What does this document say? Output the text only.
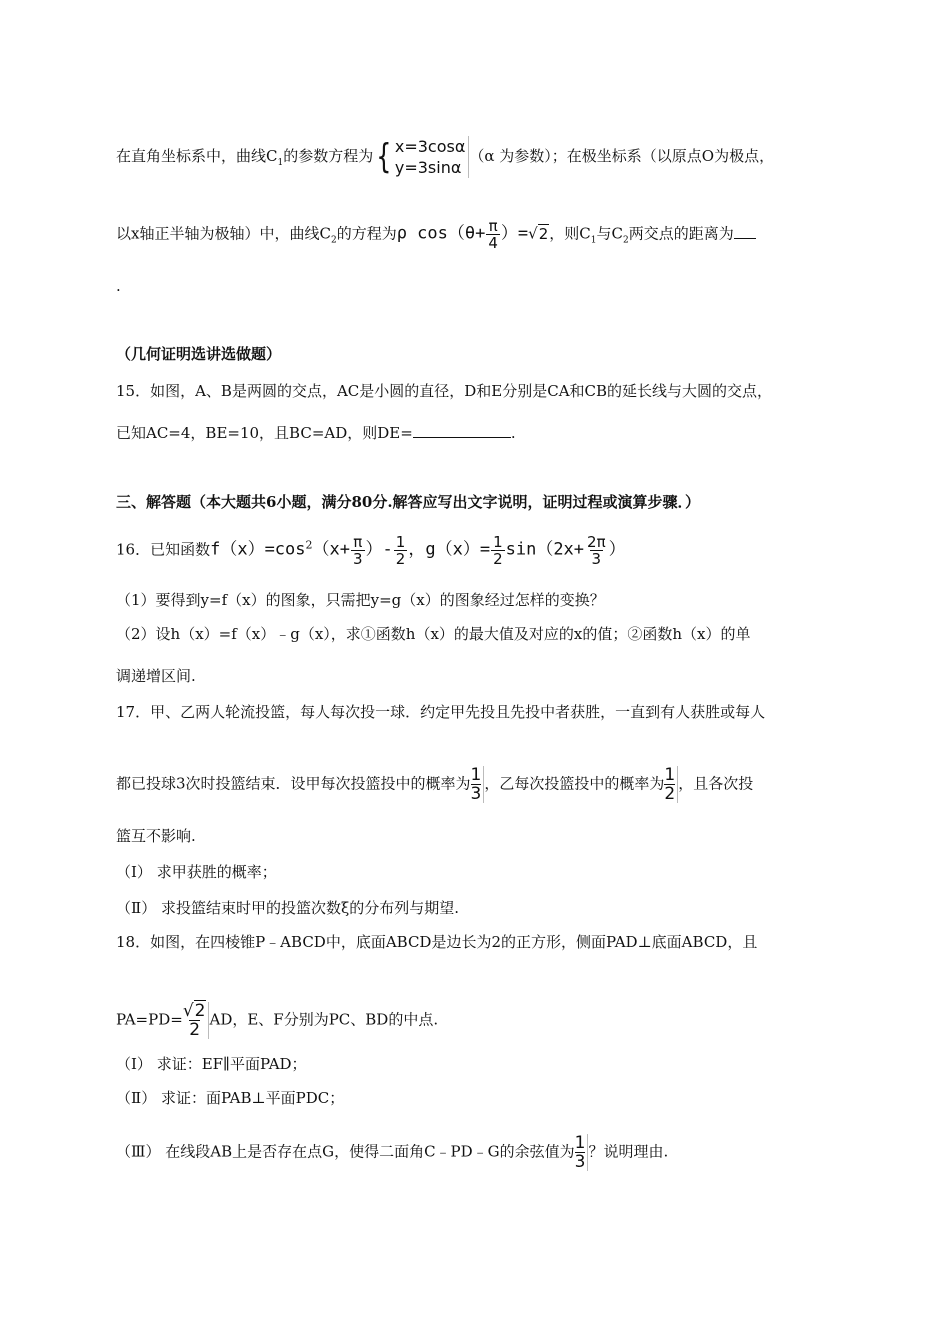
在直角坐标系中，曲线$C_1$的参数方程为 { x=3cosα
y=3sinα
（α 为参数）；在极坐标系（以原点O为极点，
以x轴正半轴为极轴）中，曲线$C_2$的方程为ρ $\cos(\theta+ \frac{\pi}{4} )=√2$，则$C_1$与$C_2$两交点的距离为
.
（几何证明选讲选做题）
15．如图，A、B是两圆的交点，AC是小圆的直径，D和E分别是CA和CB的延长线与大圆的交点，
已知AC=4，BE=10，且BC=AD，则DE=	.
三、解答题（本大题共6小题，满分80分.解答应写出文字说明，证明过程或演算步骤．）
16．已知函数$f(x)=\cos^2(x+ \frac{\pi}{3}$ ）- $\frac{1}{2}$ ，$g(x)= \frac{1}{2} \sin(2x+ \frac{2\pi}{3}$ ）
（1）要得到y=f（x）的图象，只需把y=g（x）的图象经过怎样的变换？
（2）设h（x）=f（x）﹣g（x），求①函数h（x）的最大值及对应的x的值；②函数h（x）的单
调递增区间.
17．甲、乙两人轮流投篮，每人每次投一球．约定甲先投且先投中者获胜，一直到有人获胜或每人
都已投球3次时投篮结束．设甲每次投篮投中的概率为 $\frac{1}{3}$ ，乙每次投篮投中的概率为 $\frac{1}{2}$ ，且各次投
篮互不影响.
（Ⅰ） 求甲获胜的概率；
（Ⅱ） 求投篮结束时甲的投篮次数ξ的分布列与期望.
18．如图，在四棱锥P﹣ABCD中，底面ABCD是边长为2的正方形，侧面PAD⊥底面ABCD，且
$PA=PD= \frac{√2}{2}$ AD，E、F分别为PC、BD的中点.
（Ⅰ） 求证：EF∥平面PAD；
（Ⅱ） 求证：面PAB⊥平面PDC；
（Ⅲ） 在线段AB上是否存在点G，使得二面角C﹣PD﹣G的余弦值为 $\frac{1}{3}$ ？说明理由.
